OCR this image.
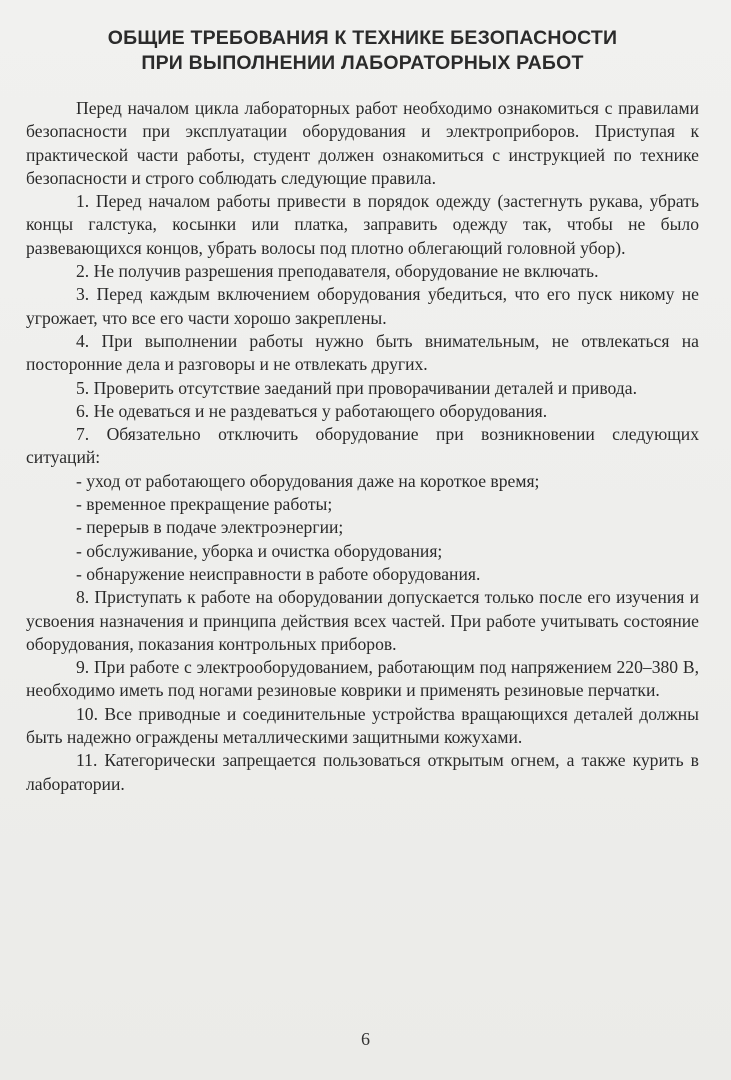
ОБЩИЕ ТРЕБОВАНИЯ К ТЕХНИКЕ БЕЗОПАСНОСТИ
ПРИ ВЫПОЛНЕНИИ ЛАБОРАТОРНЫХ РАБОТ

Перед началом цикла лабораторных работ необходимо ознакомиться с правилами безопасности при эксплуатации оборудования и электроприборов. Приступая к практической части работы, студент должен ознакомиться с инструкцией по технике безопасности и строго соблюдать следующие правила.

1. Перед началом работы привести в порядок одежду (застегнуть рукава, убрать концы галстука, косынки или платка, заправить одежду так, чтобы не было развевающихся концов, убрать волосы под плотно облегающий головной убор).

2. Не получив разрешения преподавателя, оборудование не включать.

3. Перед каждым включением оборудования убедиться, что его пуск никому не угрожает, что все его части хорошо закреплены.

4. При выполнении работы нужно быть внимательным, не отвлекаться на посторонние дела и разговоры и не отвлекать других.

5. Проверить отсутствие заеданий при проворачивании деталей и привода.

6. Не одеваться и не раздеваться у работающего оборудования.

7. Обязательно отключить оборудование при возникновении следующих ситуаций:

- уход от работающего оборудования даже на короткое время;

- временное прекращение работы;

- перерыв в подаче электроэнергии;

- обслуживание, уборка и очистка оборудования;

- обнаружение неисправности в работе оборудования.

8. Приступать к работе на оборудовании допускается только после его изучения и усвоения назначения и принципа действия всех частей. При работе учитывать состояние оборудования, показания контрольных приборов.

9. При работе с электрооборудованием, работающим под напряжением 220–380 В, необходимо иметь под ногами резиновые коврики и применять резиновые перчатки.

10. Все приводные и соединительные устройства вращающихся деталей должны быть надежно ограждены металлическими защитными кожухами.

11. Категорически запрещается пользоваться открытым огнем, а также курить в лаборатории.

6
